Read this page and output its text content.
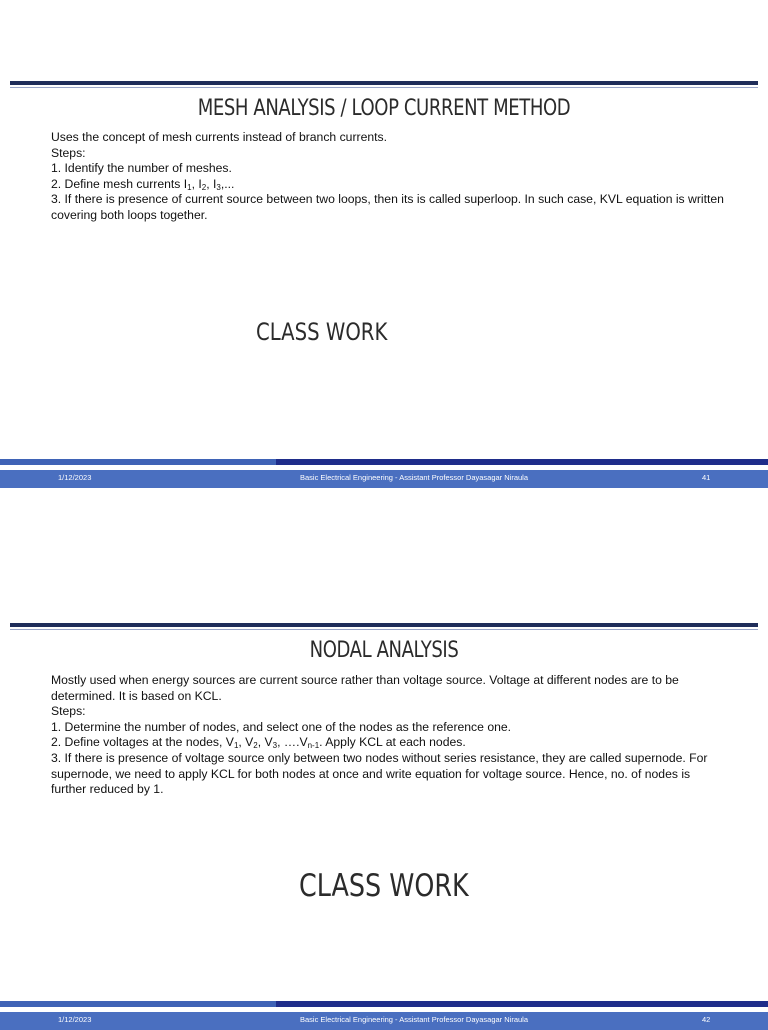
MESH ANALYSIS / LOOP CURRENT METHOD

Uses the concept of mesh currents instead of branch currents.

Steps:

1. Identify the number of meshes.

2. Define mesh currents $I_1$, $I_2$, $I_3$,...

3. If there is presence of current source between two loops, then its is called superloop. In such case, KVL equation is written covering both loops together.

CLASS WORK
1/12/2023	Basic Electrical Engineering - Assistant Professor Dayasagar Niraula	41
NODAL ANALYSIS

Mostly used when energy sources are current source rather than voltage source. Voltage at different nodes are to be determined. It is based on KCL.

Steps:

1. Determine the number of nodes, and select one of the nodes as the reference one.

2. Define voltages at the nodes, $V_1$, $V_2$, $V_3$, $\dots.V_{n-1}$. Apply KCL at each nodes.

3. If there is presence of voltage source only between two nodes without series resistance, they are called supernode. For supernode, we need to apply KCL for both nodes at once and write equation for voltage source. Hence, no. of nodes is further reduced by 1.

CLASS WORK
1/12/2023	Basic Electrical Engineering - Assistant Professor Dayasagar Niraula	42
